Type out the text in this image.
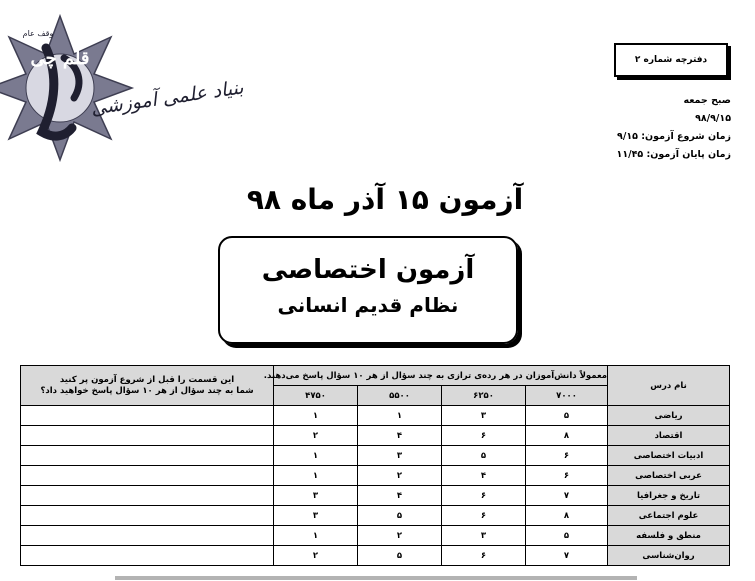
قلم چی
وقف عام
بنیاد علمی آموزشی
دفترچه شماره ۲
صبح جمعه
۹۸/۹/۱۵
زمان شروع آزمون: ۹/۱۵
زمان پایان آزمون: ۱۱/۴۵
آزمون ۱۵ آذر ماه ۹۸
آزمون اختصاصی
نظام قدیم انسانی
نام درس	معمولاً دانش‌آموزان در هر رده‌ی ترازی به چند سؤال از هر ۱۰ سؤال پاسخ می‌دهند.				این قسمت را قبل از شروع آزمون پر کنید
شما به چند سؤال از هر ۱۰ سؤال پاسخ خواهید داد؟

	۷۰۰۰	۶۲۵۰	۵۵۰۰	۴۷۵۰	
ریاضی	۵	۳	۱	۱	
اقتصاد	۸	۶	۴	۲	
ادبیات اختصاصی	۶	۵	۳	۱	
عربی اختصاصی	۶	۴	۲	۱	
تاریخ و جغرافیا	۷	۶	۴	۳	
علوم اجتماعی	۸	۶	۵	۳	
منطق و فلسفه	۵	۳	۲	۱	
روان‌شناسی	۷	۶	۵	۲	
